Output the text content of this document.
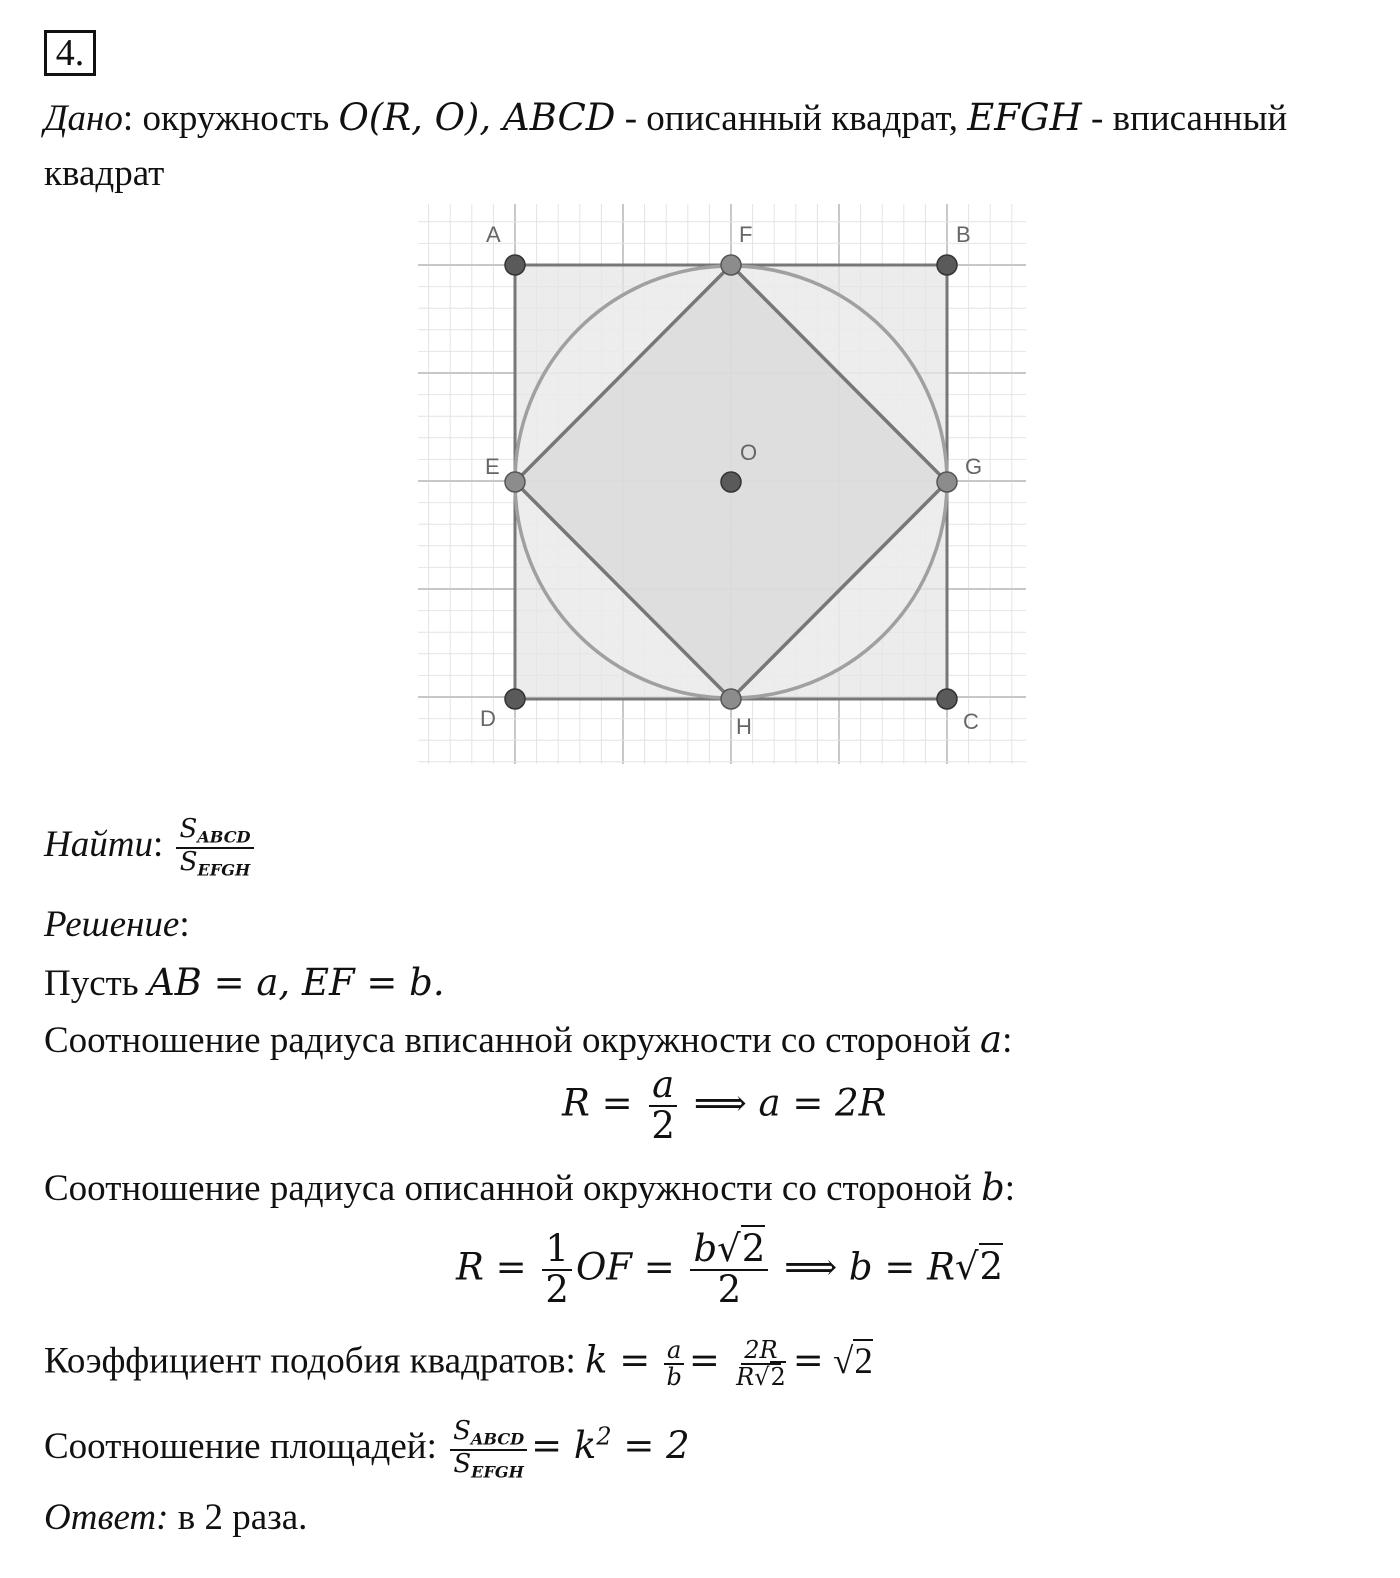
4.
Дано: окружность O(R, O), ABCD - описанный квадрат, EFGH - вписанный
квадрат
A	F	B
E
O
G
D	H	C
Найти: $\frac{S_{ABCD}}{S_{EFGH}}$
Решение:
Пусть AB = a, EF = b.
Соотношение радиуса вписанной окружности со стороной a:
$R = \frac{a}{2}$ ⟹ a = 2R
Соотношение радиуса описанной окружности со стороной b:
$R = \frac{1}{2}$ OF = $\frac{b√2}{2}$ ⟹ b = R√2
Коэффициент подобия квадратов: $k = \frac{a}{b} = \frac{2R}{R√2} = √2$
Соотношение площадей: $\frac{S_{ABCD}}{S_{EFGH}} = k^2 = 2$
Ответ: в 2 раза.
